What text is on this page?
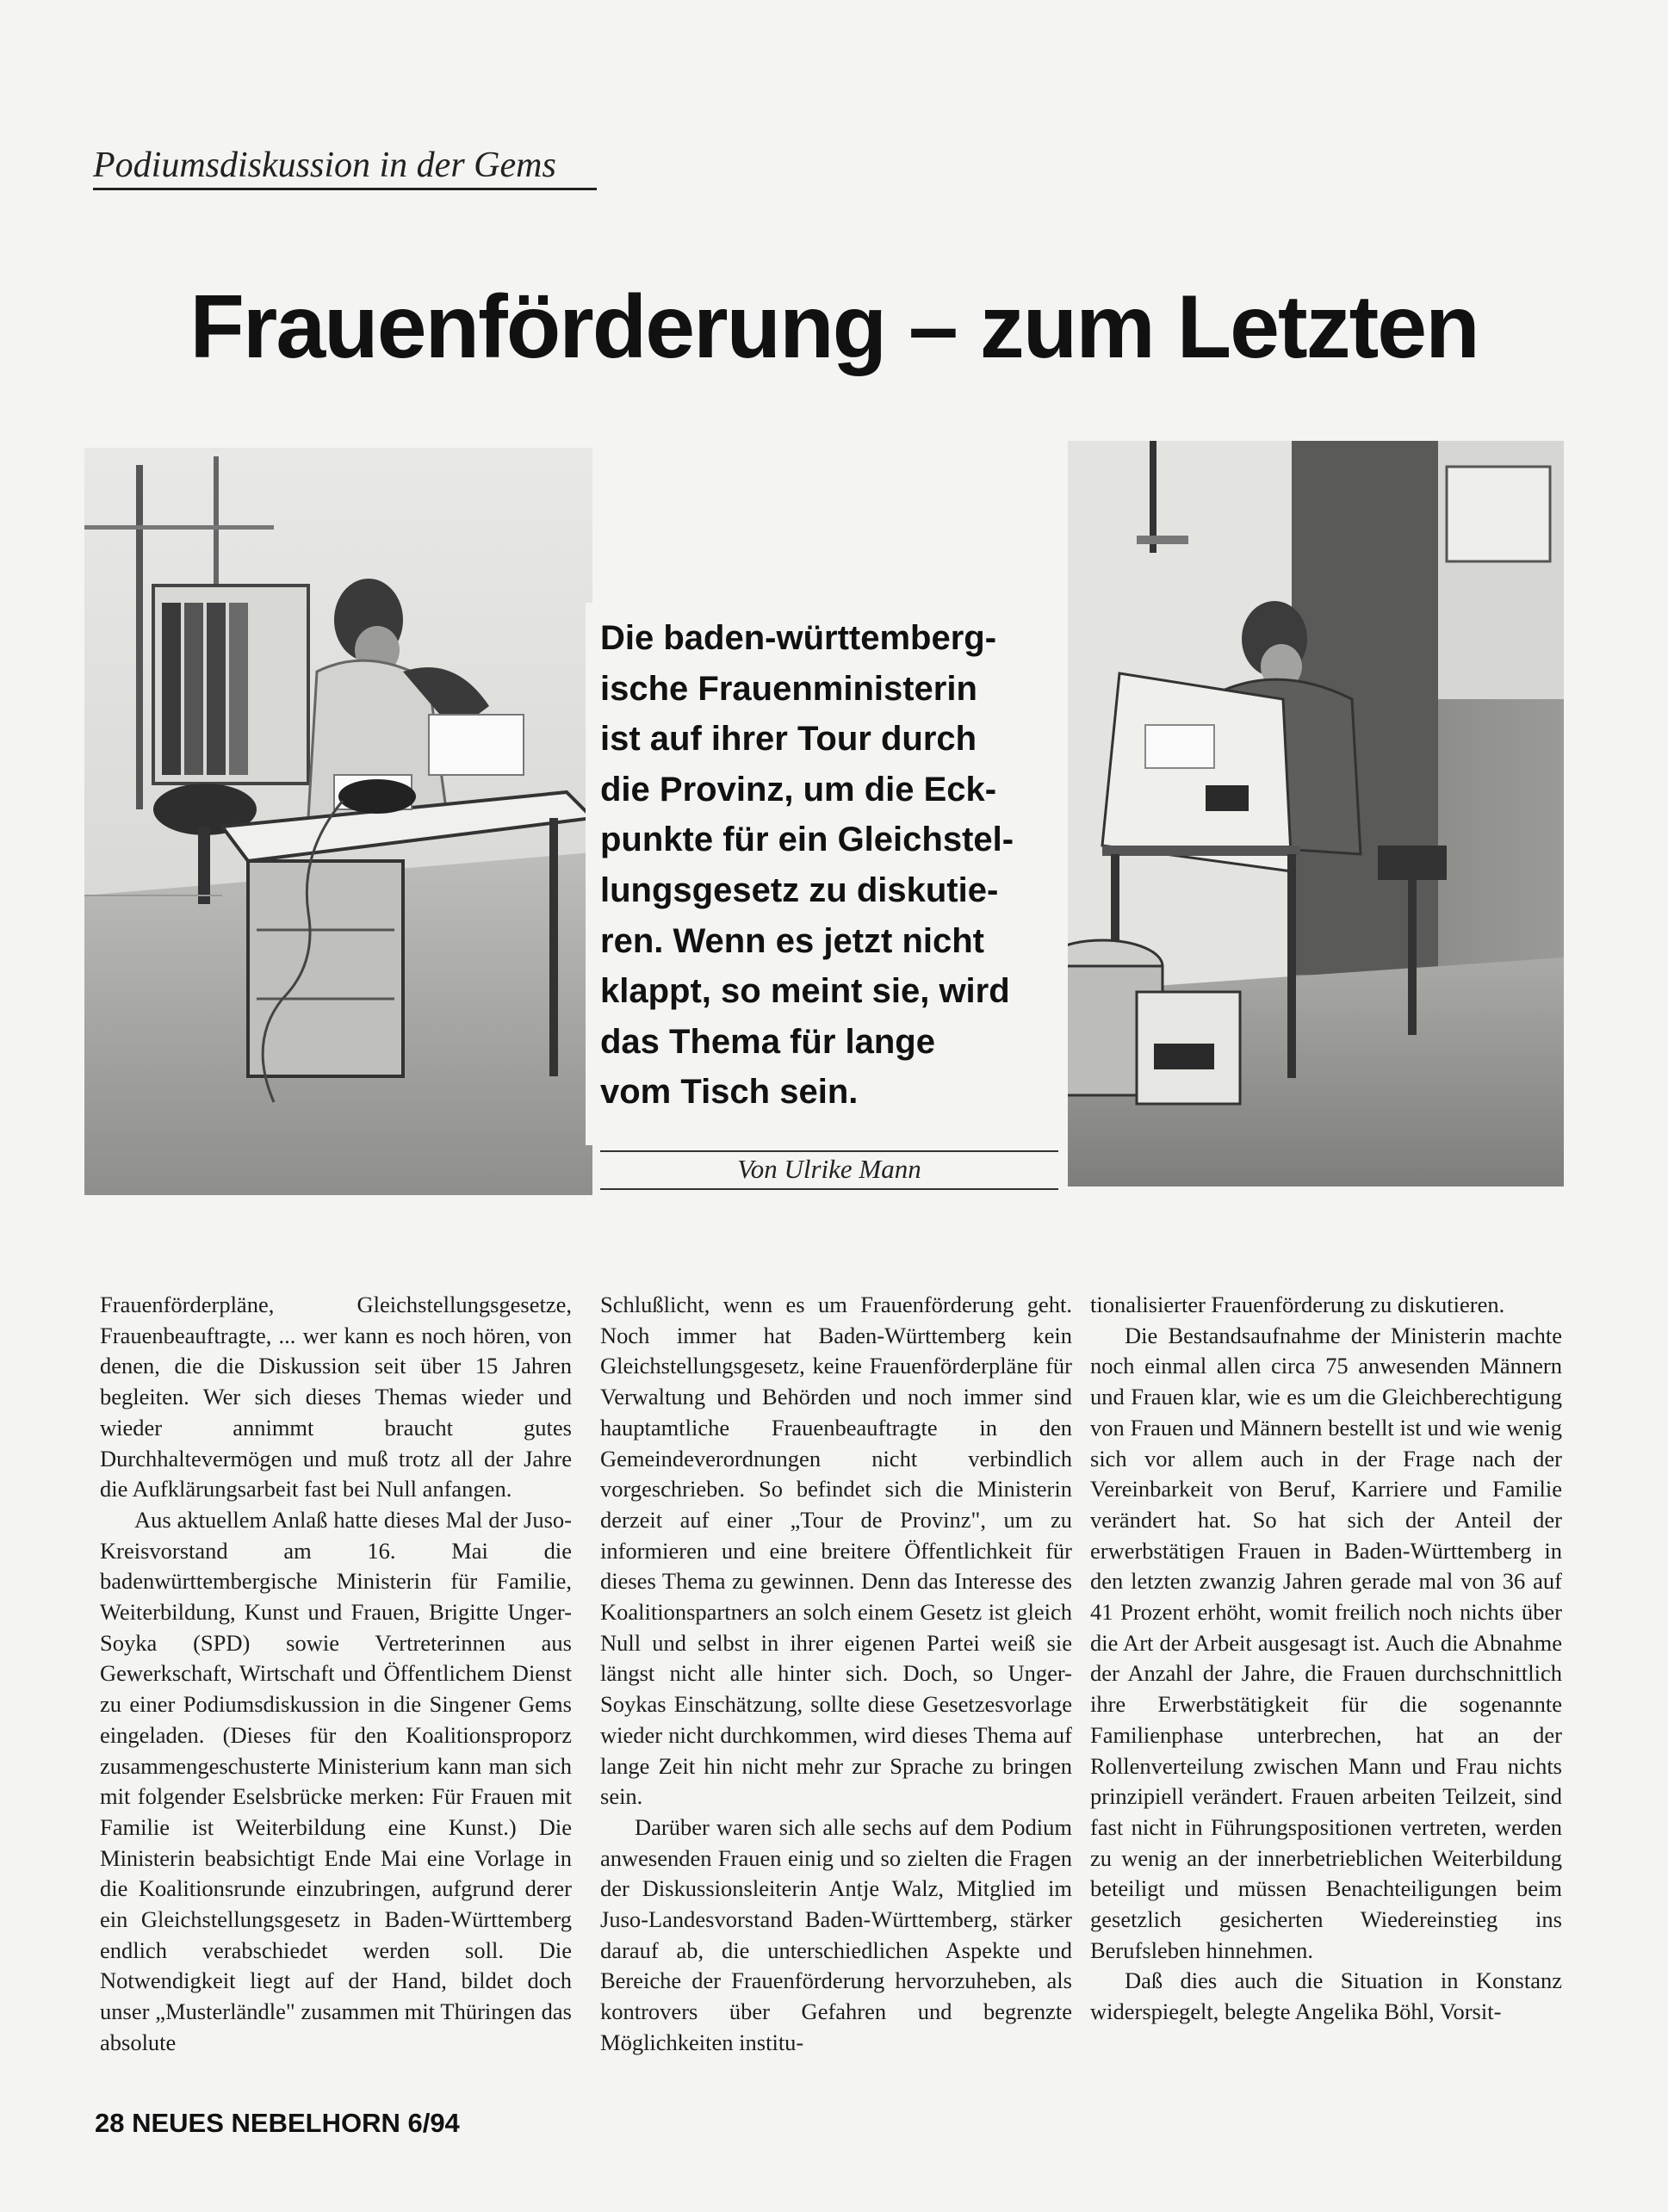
Podiumsdiskussion in der Gems
Frauenförderung – zum Letzten
Die baden-württemberg-
ische Frauenministerin
ist auf ihrer Tour durch
die Provinz, um die Eck-
punkte für ein Gleichstel-
lungsgesetz zu diskutie-
ren. Wenn es jetzt nicht
klappt, so meint sie, wird
das Thema für lange
vom Tisch sein.
Von Ulrike Mann

Frauenförderpläne, Gleichstellungsgesetze, Frauenbeauftragte, ... wer kann es noch hören, von denen, die die Diskussion seit über 15 Jahren begleiten. Wer sich dieses Themas wieder und wieder annimmt braucht gutes Durchhaltevermögen und muß trotz all der Jahre die Aufklärungsarbeit fast bei Null anfangen.

Aus aktuellem Anlaß hatte dieses Mal der Juso-Kreisvorstand am 16. Mai die badenwürttembergische Ministerin für Familie, Weiterbildung, Kunst und Frauen, Brigitte Unger-Soyka (SPD) sowie Vertreterinnen aus Gewerkschaft, Wirtschaft und Öffentlichem Dienst zu einer Podiumsdiskussion in die Singener Gems eingeladen. (Dieses für den Koalitionsproporz zusammengeschusterte Ministerium kann man sich mit folgender Eselsbrücke merken: Für Frauen mit Familie ist Weiterbildung eine Kunst.) Die Ministerin beabsichtigt Ende Mai eine Vorlage in die Koalitionsrunde einzubringen, aufgrund derer ein Gleichstellungsgesetz in Baden-Württemberg endlich verabschiedet werden soll. Die Notwendigkeit liegt auf der Hand, bildet doch unser „Musterländle" zusammen mit Thüringen das absolute

Schlußlicht, wenn es um Frauenförderung geht. Noch immer hat Baden-Württemberg kein Gleichstellungsgesetz, keine Frauenförderpläne für Verwaltung und Behörden und noch immer sind hauptamtliche Frauenbeauftragte in den Gemeindeverordnungen nicht verbindlich vorgeschrieben. So befindet sich die Ministerin derzeit auf einer „Tour de Provinz", um zu informieren und eine breitere Öffentlichkeit für dieses Thema zu gewinnen. Denn das Interesse des Koalitionspartners an solch einem Gesetz ist gleich Null und selbst in ihrer eigenen Partei weiß sie längst nicht alle hinter sich. Doch, so Unger-Soykas Einschätzung, sollte diese Gesetzesvorlage wieder nicht durchkommen, wird dieses Thema auf lange Zeit hin nicht mehr zur Sprache zu bringen sein.

Darüber waren sich alle sechs auf dem Podium anwesenden Frauen einig und so zielten die Fragen der Diskussionsleiterin Antje Walz, Mitglied im Juso-Landesvorstand Baden-Württemberg, stärker darauf ab, die unterschiedlichen Aspekte und Bereiche der Frauenförderung hervorzuheben, als kontrovers über Gefahren und begrenzte Möglichkeiten institu-

tionalisierter Frauenförderung zu diskutieren.

Die Bestandsaufnahme der Ministerin machte noch einmal allen circa 75 anwesenden Männern und Frauen klar, wie es um die Gleichberechtigung von Frauen und Männern bestellt ist und wie wenig sich vor allem auch in der Frage nach der Vereinbarkeit von Beruf, Karriere und Familie verändert hat. So hat sich der Anteil der erwerbstätigen Frauen in Baden-Württemberg in den letzten zwanzig Jahren gerade mal von 36 auf 41 Prozent erhöht, womit freilich noch nichts über die Art der Arbeit ausgesagt ist. Auch die Abnahme der Anzahl der Jahre, die Frauen durchschnittlich ihre Erwerbstätigkeit für die sogenannte Familienphase unterbrechen, hat an der Rollenverteilung zwischen Mann und Frau nichts prinzipiell verändert. Frauen arbeiten Teilzeit, sind fast nicht in Führungspositionen vertreten, werden zu wenig an der innerbetrieblichen Weiterbildung beteiligt und müssen Benachteiligungen beim gesetzlich gesicherten Wiedereinstieg ins Berufsleben hinnehmen.

Daß dies auch die Situation in Konstanz widerspiegelt, belegte Angelika Böhl, Vorsit-

28 NEUES NEBELHORN 6/94
